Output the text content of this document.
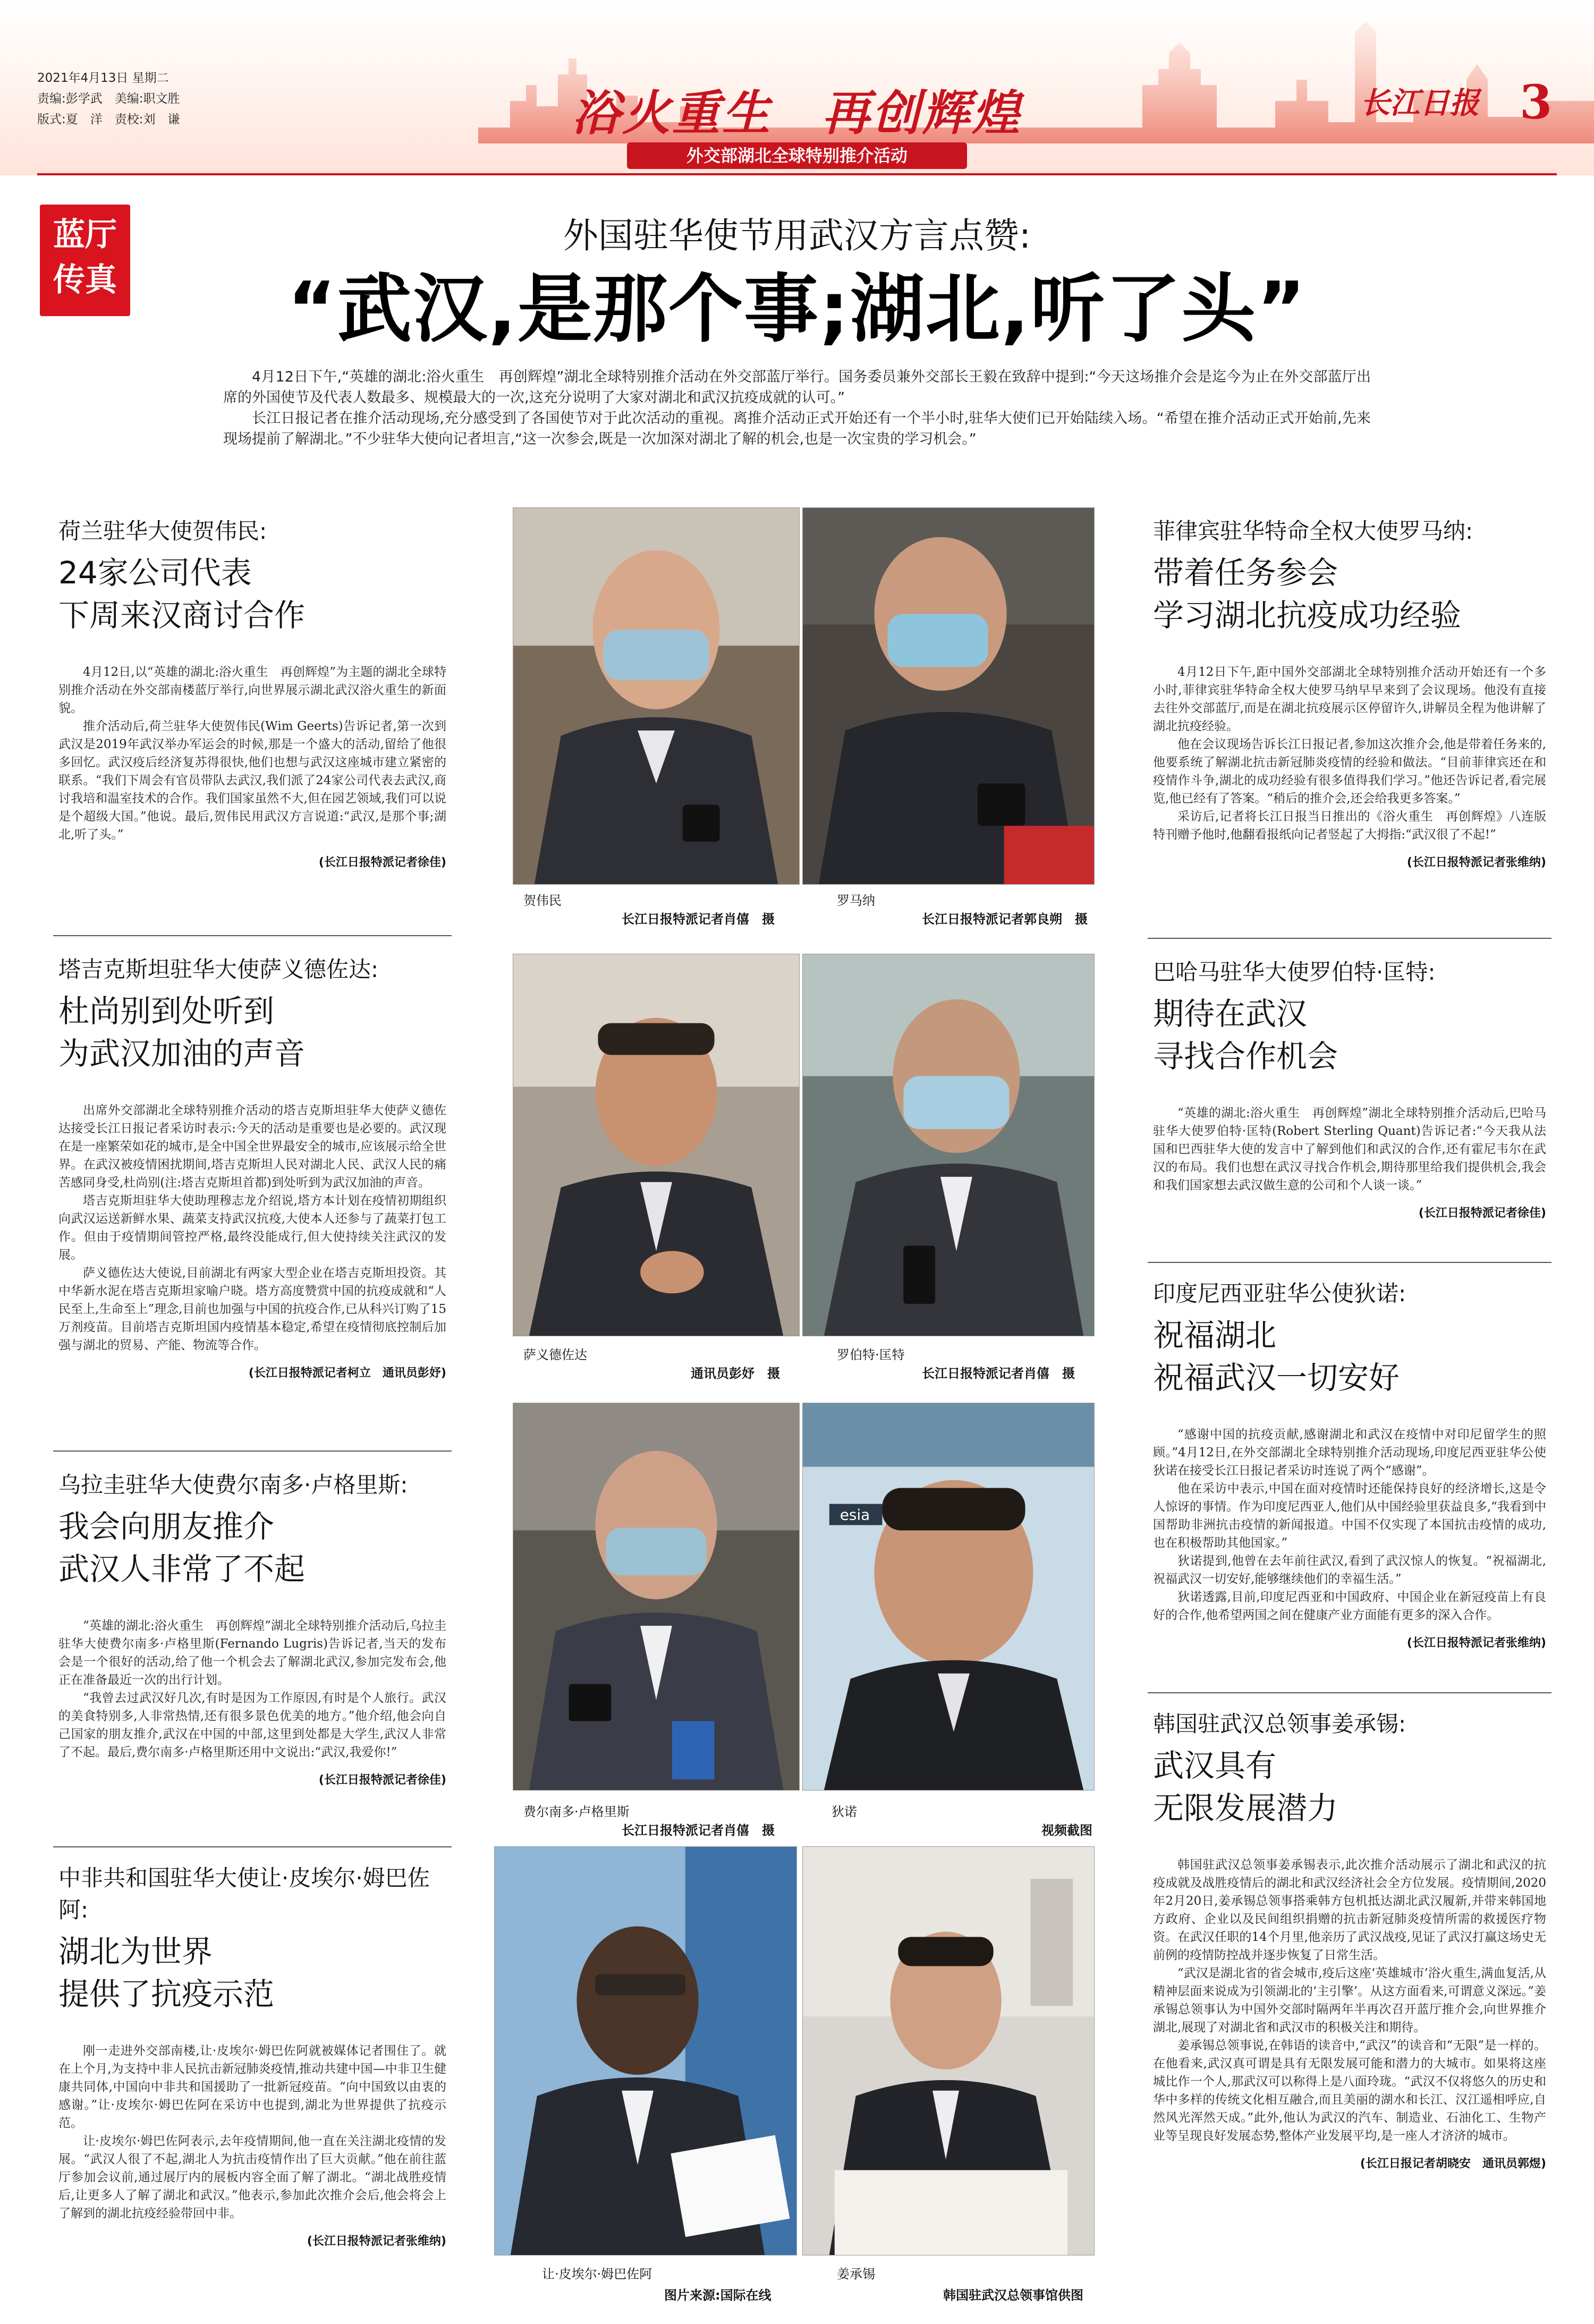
2021年4月13日 星期二
责编:彭学武　美编:职文胜
版式:夏　洋　责校:刘　谦	浴火重生　再创辉煌
外交部湖北全球特别推介活动
长江日报 3
蓝厅
传真
外国驻华使节用武汉方言点赞:
“武汉,是那个事;湖北,听了头”

4月12日下午,“英雄的湖北:浴火重生　再创辉煌”湖北全球特别推介活动在外交部蓝厅举行。国务委员兼外交部长王毅在致辞中提到:“今天这场推介会是迄今为止在外交部蓝厅出席的外国使节及代表人数最多、规模最大的一次,这充分说明了大家对湖北和武汉抗疫成就的认可。”

长江日报记者在推介活动现场,充分感受到了各国使节对于此次活动的重视。离推介活动正式开始还有一个半小时,驻华大使们已开始陆续入场。“希望在推介活动正式开始前,先来现场提前了解湖北。”不少驻华大使向记者坦言,“这一次参会,既是一次加深对湖北了解的机会,也是一次宝贵的学习机会。”

荷兰驻华大使贺伟民:
24家公司代表
下周来汉商讨合作

4月12日,以“英雄的湖北:浴火重生　再创辉煌”为主题的湖北全球特别推介活动在外交部南楼蓝厅举行,向世界展示湖北武汉浴火重生的新面貌。

推介活动后,荷兰驻华大使贺伟民(Wim Geerts)告诉记者,第一次到武汉是2019年武汉举办军运会的时候,那是一个盛大的活动,留给了他很多回忆。武汉疫后经济复苏得很快,他们也想与武汉这座城市建立紧密的联系。“我们下周会有官员带队去武汉,我们派了24家公司代表去武汉,商讨我培和温室技术的合作。我们国家虽然不大,但在园艺领域,我们可以说是个超级大国。”他说。最后,贺伟民用武汉方言说道:“武汉,是那个事;湖北,听了头。”

(长江日报特派记者徐佳)
塔吉克斯坦驻华大使萨义德佐达:
杜尚别到处听到
为武汉加油的声音

出席外交部湖北全球特别推介活动的塔吉克斯坦驻华大使萨义德佐达接受长江日报记者采访时表示:今天的活动是重要也是必要的。武汉现在是一座繁荣如花的城市,是全中国全世界最安全的城市,应该展示给全世界。在武汉被疫情困扰期间,塔吉克斯坦人民对湖北人民、武汉人民的痛苦感同身受,杜尚别(注:塔吉克斯坦首都)到处听到为武汉加油的声音。

塔吉克斯坦驻华大使助理穆志龙介绍说,塔方本计划在疫情初期组织向武汉运送新鲜水果、蔬菜支持武汉抗疫,大使本人还参与了蔬菜打包工作。但由于疫情期间管控严格,最终没能成行,但大使持续关注武汉的发展。

萨义德佐达大使说,目前湖北有两家大型企业在塔吉克斯坦投资。其中华新水泥在塔吉克斯坦家喻户晓。塔方高度赞赏中国的抗疫成就和“人民至上,生命至上”理念,目前也加强与中国的抗疫合作,已从科兴订购了15万剂疫苗。目前塔吉克斯坦国内疫情基本稳定,希望在疫情彻底控制后加强与湖北的贸易、产能、物流等合作。

(长江日报特派记者柯立　通讯员彭妤)
乌拉圭驻华大使费尔南多·卢格里斯:
我会向朋友推介
武汉人非常了不起

“英雄的湖北:浴火重生　再创辉煌”湖北全球特别推介活动后,乌拉圭驻华大使费尔南多·卢格里斯(Fernando Lugris)告诉记者,当天的发布会是一个很好的活动,给了他一个机会去了解湖北武汉,参加完发布会,他正在准备最近一次的出行计划。

“我曾去过武汉好几次,有时是因为工作原因,有时是个人旅行。武汉的美食特别多,人非常热情,还有很多景色优美的地方。”他介绍,他会向自己国家的朋友推介,武汉在中国的中部,这里到处都是大学生,武汉人非常了不起。最后,费尔南多·卢格里斯还用中文说出:“武汉,我爱你!”

(长江日报特派记者徐佳)
中非共和国驻华大使让·皮埃尔·姆巴佐阿:
湖北为世界
提供了抗疫示范

刚一走进外交部南楼,让·皮埃尔·姆巴佐阿就被媒体记者围住了。就在上个月,为支持中非人民抗击新冠肺炎疫情,推动共建中国—中非卫生健康共同体,中国向中非共和国援助了一批新冠疫苗。“向中国致以由衷的感谢。”让·皮埃尔·姆巴佐阿在采访中也提到,湖北为世界提供了抗疫示范。

让·皮埃尔·姆巴佐阿表示,去年疫情期间,他一直在关注湖北疫情的发展。“武汉人很了不起,湖北人为抗击疫情作出了巨大贡献。”他在前往蓝厅参加会议前,通过展厅内的展板内容全面了解了湖北。“湖北战胜疫情后,让更多人了解了湖北和武汉。”他表示,参加此次推介会后,他会将会上了解到的湖北抗疫经验带回中非。

(长江日报特派记者张维纳)
菲律宾驻华特命全权大使罗马纳:
带着任务参会
学习湖北抗疫成功经验

4月12日下午,距中国外交部湖北全球特别推介活动开始还有一个多小时,菲律宾驻华特命全权大使罗马纳早早来到了会议现场。他没有直接去往外交部蓝厅,而是在湖北抗疫展示区停留许久,讲解员全程为他讲解了湖北抗疫经验。

他在会议现场告诉长江日报记者,参加这次推介会,他是带着任务来的,他要系统了解湖北抗击新冠肺炎疫情的经验和做法。“目前菲律宾还在和疫情作斗争,湖北的成功经验有很多值得我们学习。”他还告诉记者,看完展览,他已经有了答案。“稍后的推介会,还会给我更多答案。”

采访后,记者将长江日报当日推出的《浴火重生　再创辉煌》八连版特刊赠予他时,他翻看报纸向记者竖起了大拇指:“武汉很了不起!”

(长江日报特派记者张维纳)
巴哈马驻华大使罗伯特·匡特:
期待在武汉
寻找合作机会

“英雄的湖北:浴火重生　再创辉煌”湖北全球特别推介活动后,巴哈马驻华大使罗伯特·匡特(Robert Sterling Quant)告诉记者:“今天我从法国和巴西驻华大使的发言中了解到他们和武汉的合作,还有霍尼韦尔在武汉的布局。我们也想在武汉寻找合作机会,期待那里给我们提供机会,我会和我们国家想去武汉做生意的公司和个人谈一谈。”

(长江日报特派记者徐佳)
印度尼西亚驻华公使狄诺:
祝福湖北
祝福武汉一切安好

“感谢中国的抗疫贡献,感谢湖北和武汉在疫情中对印尼留学生的照顾。”4月12日,在外交部湖北全球特别推介活动现场,印度尼西亚驻华公使狄诺在接受长江日报记者采访时连说了两个“感谢”。

他在采访中表示,中国在面对疫情时还能保持良好的经济增长,这是令人惊讶的事情。作为印度尼西亚人,他们从中国经验里获益良多,“我看到中国帮助非洲抗击疫情的新闻报道。中国不仅实现了本国抗击疫情的成功,也在积极帮助其他国家。”

狄诺提到,他曾在去年前往武汉,看到了武汉惊人的恢复。“祝福湖北,祝福武汉一切安好,能够继续他们的幸福生活。”

狄诺透露,目前,印度尼西亚和中国政府、中国企业在新冠疫苗上有良好的合作,他希望两国之间在健康产业方面能有更多的深入合作。

(长江日报特派记者张维纳)
韩国驻武汉总领事姜承锡:
武汉具有
无限发展潜力

韩国驻武汉总领事姜承锡表示,此次推介活动展示了湖北和武汉的抗疫成就及战胜疫情后的湖北和武汉经济社会全方位发展。疫情期间,2020年2月20日,姜承锡总领事搭乘韩方包机抵达湖北武汉履新,并带来韩国地方政府、企业以及民间组织捐赠的抗击新冠肺炎疫情所需的救援医疗物资。在武汉任职的14个月里,他亲历了武汉战疫,见证了武汉打赢这场史无前例的疫情防控战并逐步恢复了日常生活。

“武汉是湖北省的省会城市,疫后这座‘英雄城市’浴火重生,满血复活,从精神层面来说成为引领湖北的‘主引擎’。从这方面看来,可谓意义深远。”姜承锡总领事认为中国外交部时隔两年半再次召开蓝厅推介会,向世界推介湖北,展现了对湖北省和武汉市的积极关注和期待。

姜承锡总领事说,在韩语的读音中,“武汉”的读音和“无限”是一样的。在他看来,武汉真可谓是具有无限发展可能和潜力的大城市。如果将这座城比作一个人,那武汉可以称得上是八面玲珑。“武汉不仅将悠久的历史和华中多样的传统文化相互融合,而且美丽的湖水和长江、汉江遥相呼应,自然风光浑然天成。”此外,他认为武汉的汽车、制造业、石油化工、生物产业等呈现良好发展态势,整体产业发展平均,是一座人才济济的城市。

(长江日报记者胡晓安　通讯员郭煜)
贺伟民
长江日报特派记者肖僖　摄
罗马纳
长江日报特派记者郭良朔　摄
萨义德佐达
通讯员彭妤　摄
罗伯特·匡特
长江日报特派记者肖僖　摄
esia
费尔南多·卢格里斯
长江日报特派记者肖僖　摄
狄诺
视频截图
让·皮埃尔·姆巴佐阿
图片来源:国际在线
姜承锡
韩国驻武汉总领事馆供图
